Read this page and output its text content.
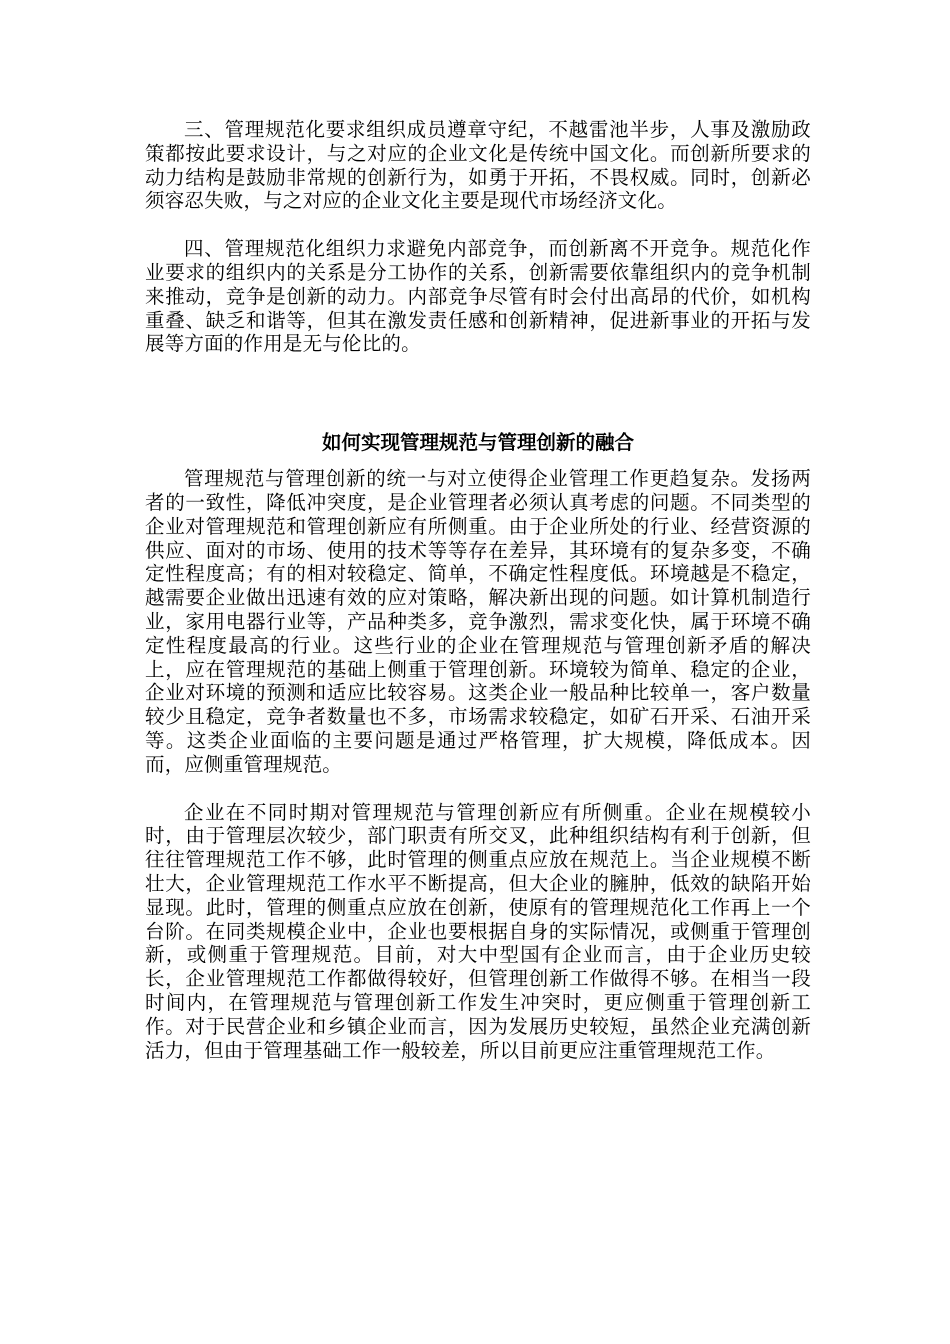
三、管理规范化要求组织成员遵章守纪，不越雷池半步，人事及激励政策都按此要求设计，与之对应的企业文化是传统中国文化。而创新所要求的动力结构是鼓励非常规的创新行为，如勇于开拓，不畏权威。同时，创新必须容忍失败，与之对应的企业文化主要是现代市场经济文化。

四、管理规范化组织力求避免内部竞争，而创新离不开竞争。规范化作业要求的组织内的关系是分工协作的关系，创新需要依靠组织内的竞争机制来推动，竞争是创新的动力。内部竞争尽管有时会付出高昂的代价，如机构重叠、缺乏和谐等，但其在激发责任感和创新精神，促进新事业的开拓与发展等方面的作用是无与伦比的。

如何实现管理规范与管理创新的融合

管理规范与管理创新的统一与对立使得企业管理工作更趋复杂。发扬两者的一致性，降低冲突度，是企业管理者必须认真考虑的问题。不同类型的企业对管理规范和管理创新应有所侧重。由于企业所处的行业、经营资源的供应、面对的市场、使用的技术等等存在差异，其环境有的复杂多变，不确定性程度高；有的相对较稳定、简单，不确定性程度低。环境越是不稳定，越需要企业做出迅速有效的应对策略，解决新出现的问题。如计算机制造行业，家用电器行业等，产品种类多，竞争激烈，需求变化快，属于环境不确定性程度最高的行业。这些行业的企业在管理规范与管理创新矛盾的解决上，应在管理规范的基础上侧重于管理创新。环境较为简单、稳定的企业，企业对环境的预测和适应比较容易。这类企业一般品种比较单一，客户数量较少且稳定，竞争者数量也不多，市场需求较稳定，如矿石开采、石油开采等。这类企业面临的主要问题是通过严格管理，扩大规模，降低成本。因而，应侧重管理规范。

企业在不同时期对管理规范与管理创新应有所侧重。企业在规模较小时，由于管理层次较少，部门职责有所交叉，此种组织结构有利于创新，但往往管理规范工作不够，此时管理的侧重点应放在规范上。当企业规模不断壮大，企业管理规范工作水平不断提高，但大企业的臃肿，低效的缺陷开始显现。此时，管理的侧重点应放在创新，使原有的管理规范化工作再上一个台阶。在同类规模企业中，企业也要根据自身的实际情况，或侧重于管理创新，或侧重于管理规范。目前，对大中型国有企业而言，由于企业历史较长，企业管理规范工作都做得较好，但管理创新工作做得不够。在相当一段时间内，在管理规范与管理创新工作发生冲突时，更应侧重于管理创新工作。对于民营企业和乡镇企业而言，因为发展历史较短，虽然企业充满创新活力，但由于管理基础工作一般较差，所以目前更应注重管理规范工作。
